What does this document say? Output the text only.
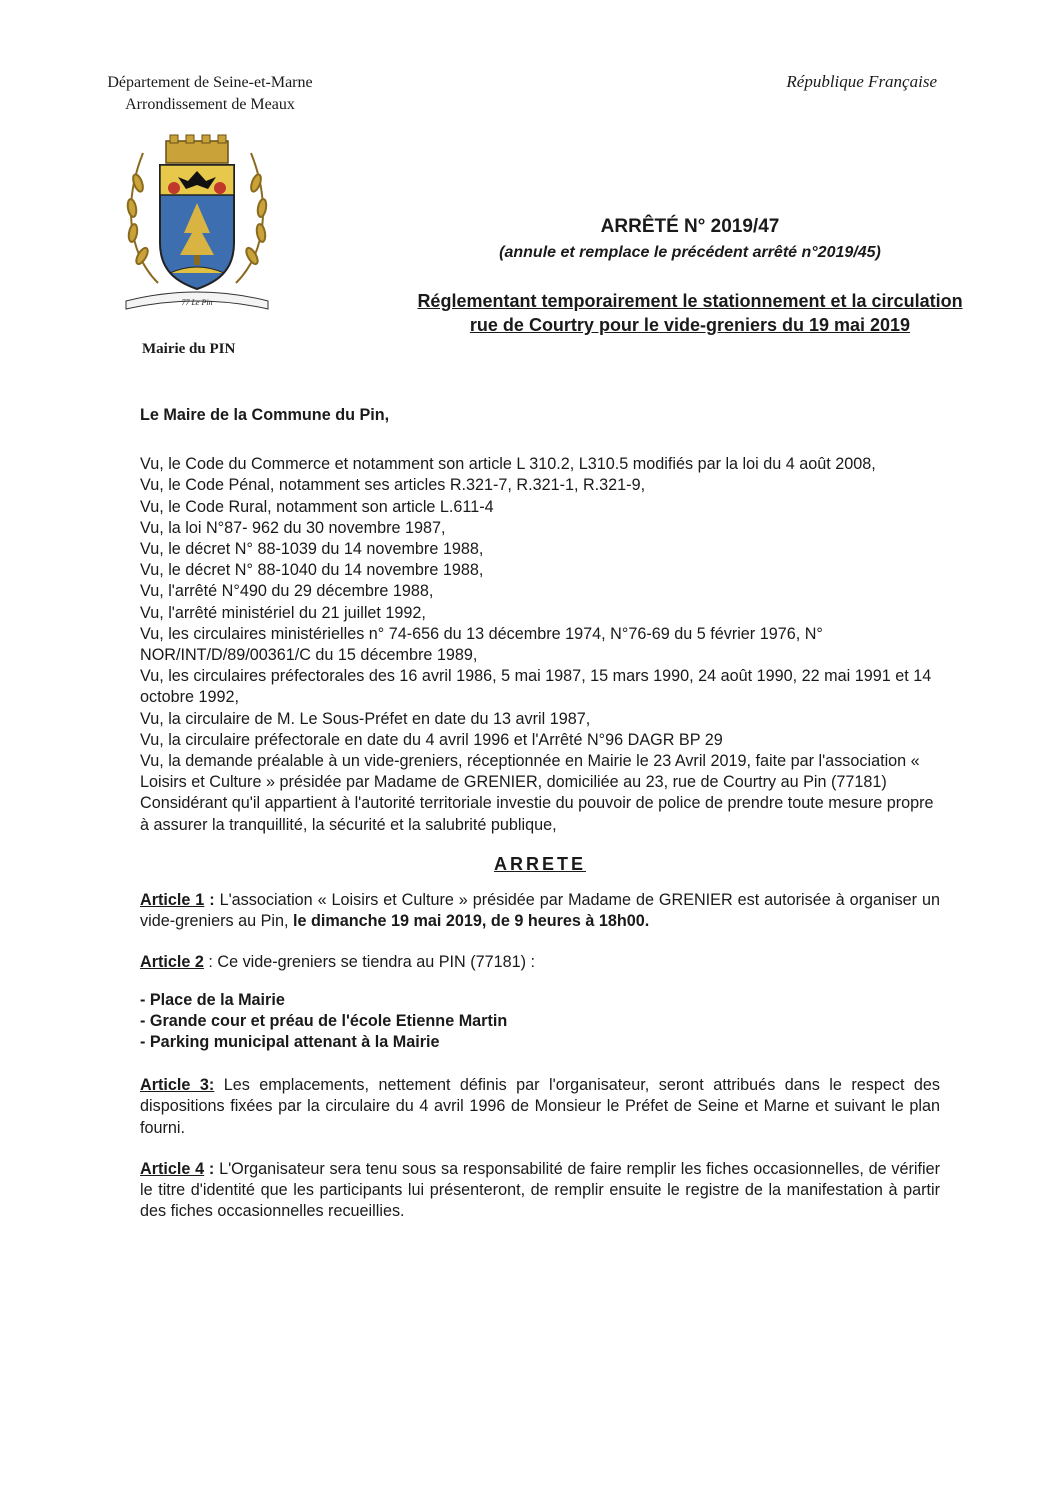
Département de Seine-et-Marne
Arrondissement de Meaux
République Française
77 Le Pin
Mairie du PIN
ARRÊTÉ N° 2019/47
(annule et remplace le précédent arrêté n°2019/45)
Réglementant temporairement le stationnement et la circulation
rue de Courtry pour le vide-greniers du 19 mai 2019

Le Maire de la Commune du Pin,

Vu, le Code du Commerce et notamment son article L 310.2, L310.5 modifiés par la loi du 4 août 2008,

Vu, le Code Pénal, notamment ses articles R.321-7, R.321-1, R.321-9,

Vu, le Code Rural, notamment son article L.611-4

Vu, la loi N°87- 962 du 30 novembre 1987,

Vu, le décret N° 88-1039 du 14 novembre 1988,

Vu, le décret N° 88-1040 du 14 novembre 1988,

Vu, l'arrêté N°490 du 29 décembre 1988,

Vu, l'arrêté ministériel du 21 juillet 1992,

Vu, les circulaires ministérielles n° 74-656 du 13 décembre 1974, N°76-69 du 5 février 1976, N° NOR/INT/D/89/00361/C du 15 décembre 1989,

Vu, les circulaires préfectorales des 16 avril 1986, 5 mai 1987, 15 mars 1990, 24 août 1990, 22 mai 1991 et 14 octobre 1992,

Vu, la circulaire de M. Le Sous-Préfet en date du 13 avril 1987,

Vu, la circulaire préfectorale en date du 4 avril 1996 et l'Arrêté N°96 DAGR BP 29

Vu, la demande préalable à un vide-greniers, réceptionnée en Mairie le 23 Avril 2019, faite par l'association « Loisirs et Culture » présidée par Madame de GRENIER, domiciliée au 23, rue de Courtry au Pin (77181)

Considérant qu'il appartient à l'autorité territoriale investie du pouvoir de police de prendre toute mesure propre à assurer la tranquillité, la sécurité et la salubrité publique,

ARRETE

Article 1 : L'association « Loisirs et Culture » présidée par Madame de GRENIER est autorisée à organiser un vide-greniers au Pin, le dimanche 19 mai 2019, de 9 heures à 18h00.

Article 2 : Ce vide-greniers se tiendra au PIN (77181) :

- Place de la Mairie
- Grande cour et préau de l'école Etienne Martin
- Parking municipal attenant à la Mairie

Article 3: Les emplacements, nettement définis par l'organisateur, seront attribués dans le respect des dispositions fixées par la circulaire du 4 avril 1996 de Monsieur le Préfet de Seine et Marne et suivant le plan fourni.

Article 4 : L'Organisateur sera tenu sous sa responsabilité de faire remplir les fiches occasionnelles, de vérifier le titre d'identité que les participants lui présenteront, de remplir ensuite le registre de la manifestation à partir des fiches occasionnelles recueillies.
